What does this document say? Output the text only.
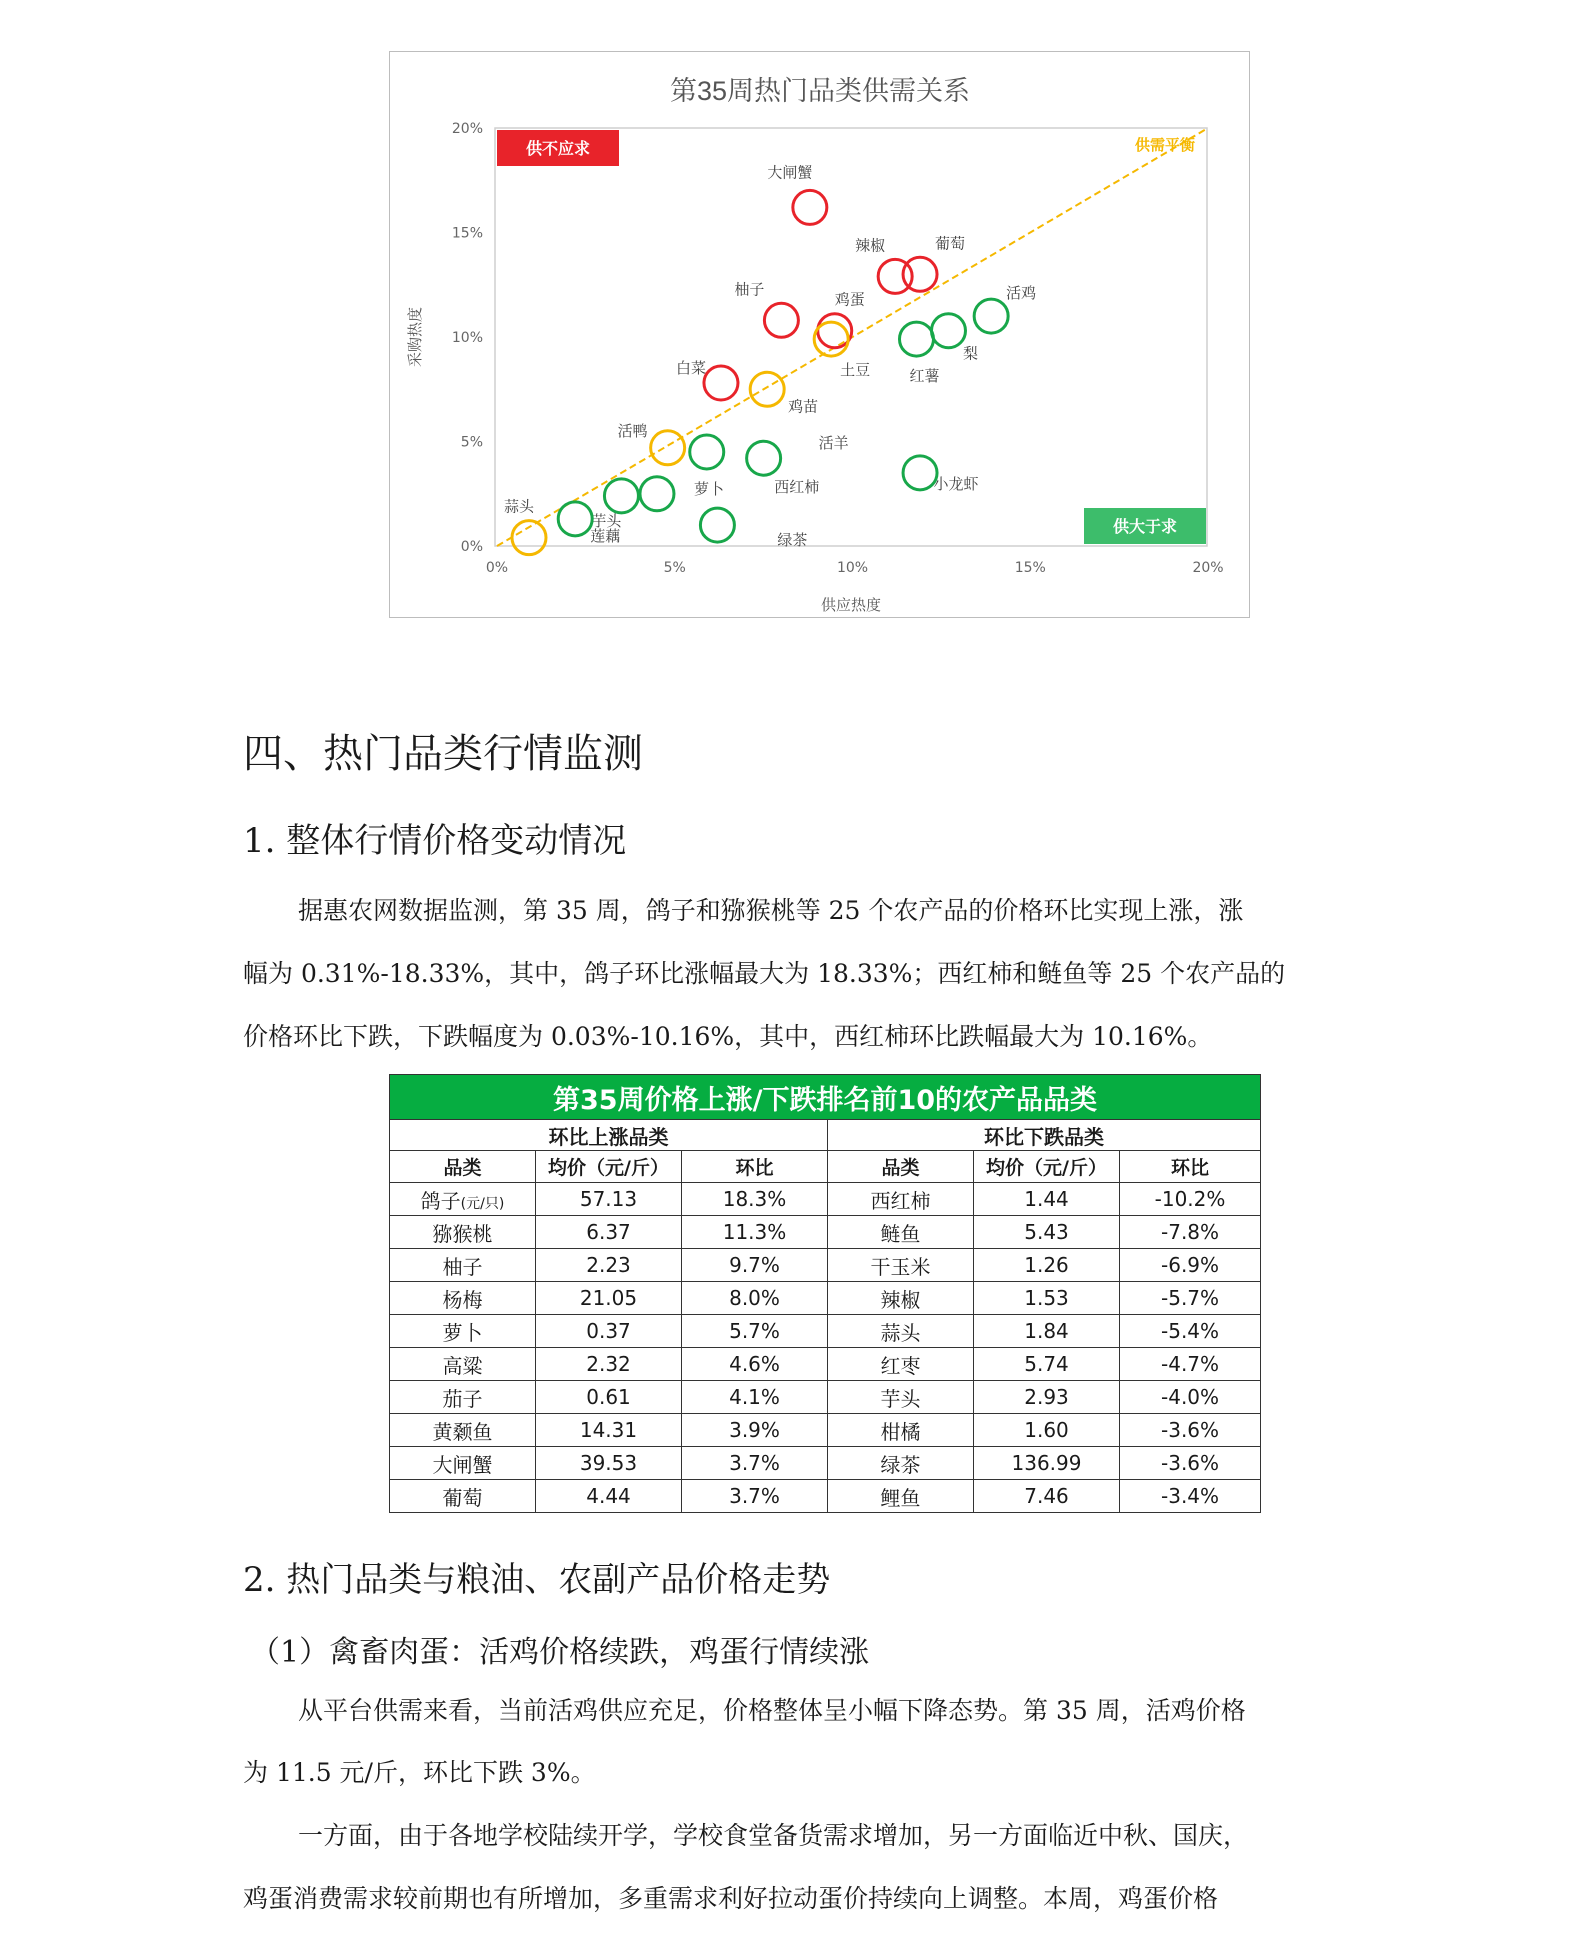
第35周热门品类供需关系
0%
5%
10%
15%
20%
0%	5%	10%	15%	20%
采购热度
供应热度
供不应求
供大于求
供需平衡
大闸蟹
辣椒	葡萄
柚子
鸡蛋
白菜	土豆
鸡苗
活鸭
蒜头
活鸡
梨
红薯
活羊
西红柿	小龙虾
萝卜
芋头
莲藕	绿茶
四、热门品类行情监测
1. 整体行情价格变动情况
据惠农网数据监测，第 35 周，鸽子和猕猴桃等 25 个农产品的价格环比实现上涨，涨
幅为 0.31%-18.33%，其中，鸽子环比涨幅最大为 18.33%；西红柿和鲢鱼等 25 个农产品的
价格环比下跌，下跌幅度为 0.03%-10.16%，其中，西红柿环比跌幅最大为 10.16%。
第35周价格上涨/下跌排名前10的农产品品类					
环比上涨品类			环比下跌品类		
品类	均价（元/斤）	环比	品类	均价（元/斤）	环比
鸽子(元/只)	57.13	18.3%	西红柿	1.44	-10.2%
猕猴桃	6.37	11.3%	鲢鱼	5.43	-7.8%
柚子	2.23	9.7%	干玉米	1.26	-6.9%
杨梅	21.05	8.0%	辣椒	1.53	-5.7%
萝卜	0.37	5.7%	蒜头	1.84	-5.4%
高粱	2.32	4.6%	红枣	5.74	-4.7%
茄子	0.61	4.1%	芋头	2.93	-4.0%
黄颡鱼	14.31	3.9%	柑橘	1.60	-3.6%
大闸蟹	39.53	3.7%	绿茶	136.99	-3.6%
葡萄	4.44	3.7%	鲤鱼	7.46	-3.4%
2. 热门品类与粮油、农副产品价格走势
（1）禽畜肉蛋：活鸡价格续跌，鸡蛋行情续涨
从平台供需来看，当前活鸡供应充足，价格整体呈小幅下降态势。第 35 周，活鸡价格
为 11.5 元/斤，环比下跌 3%。
一方面，由于各地学校陆续开学，学校食堂备货需求增加，另一方面临近中秋、国庆，
鸡蛋消费需求较前期也有所增加，多重需求利好拉动蛋价持续向上调整。本周，鸡蛋价格
